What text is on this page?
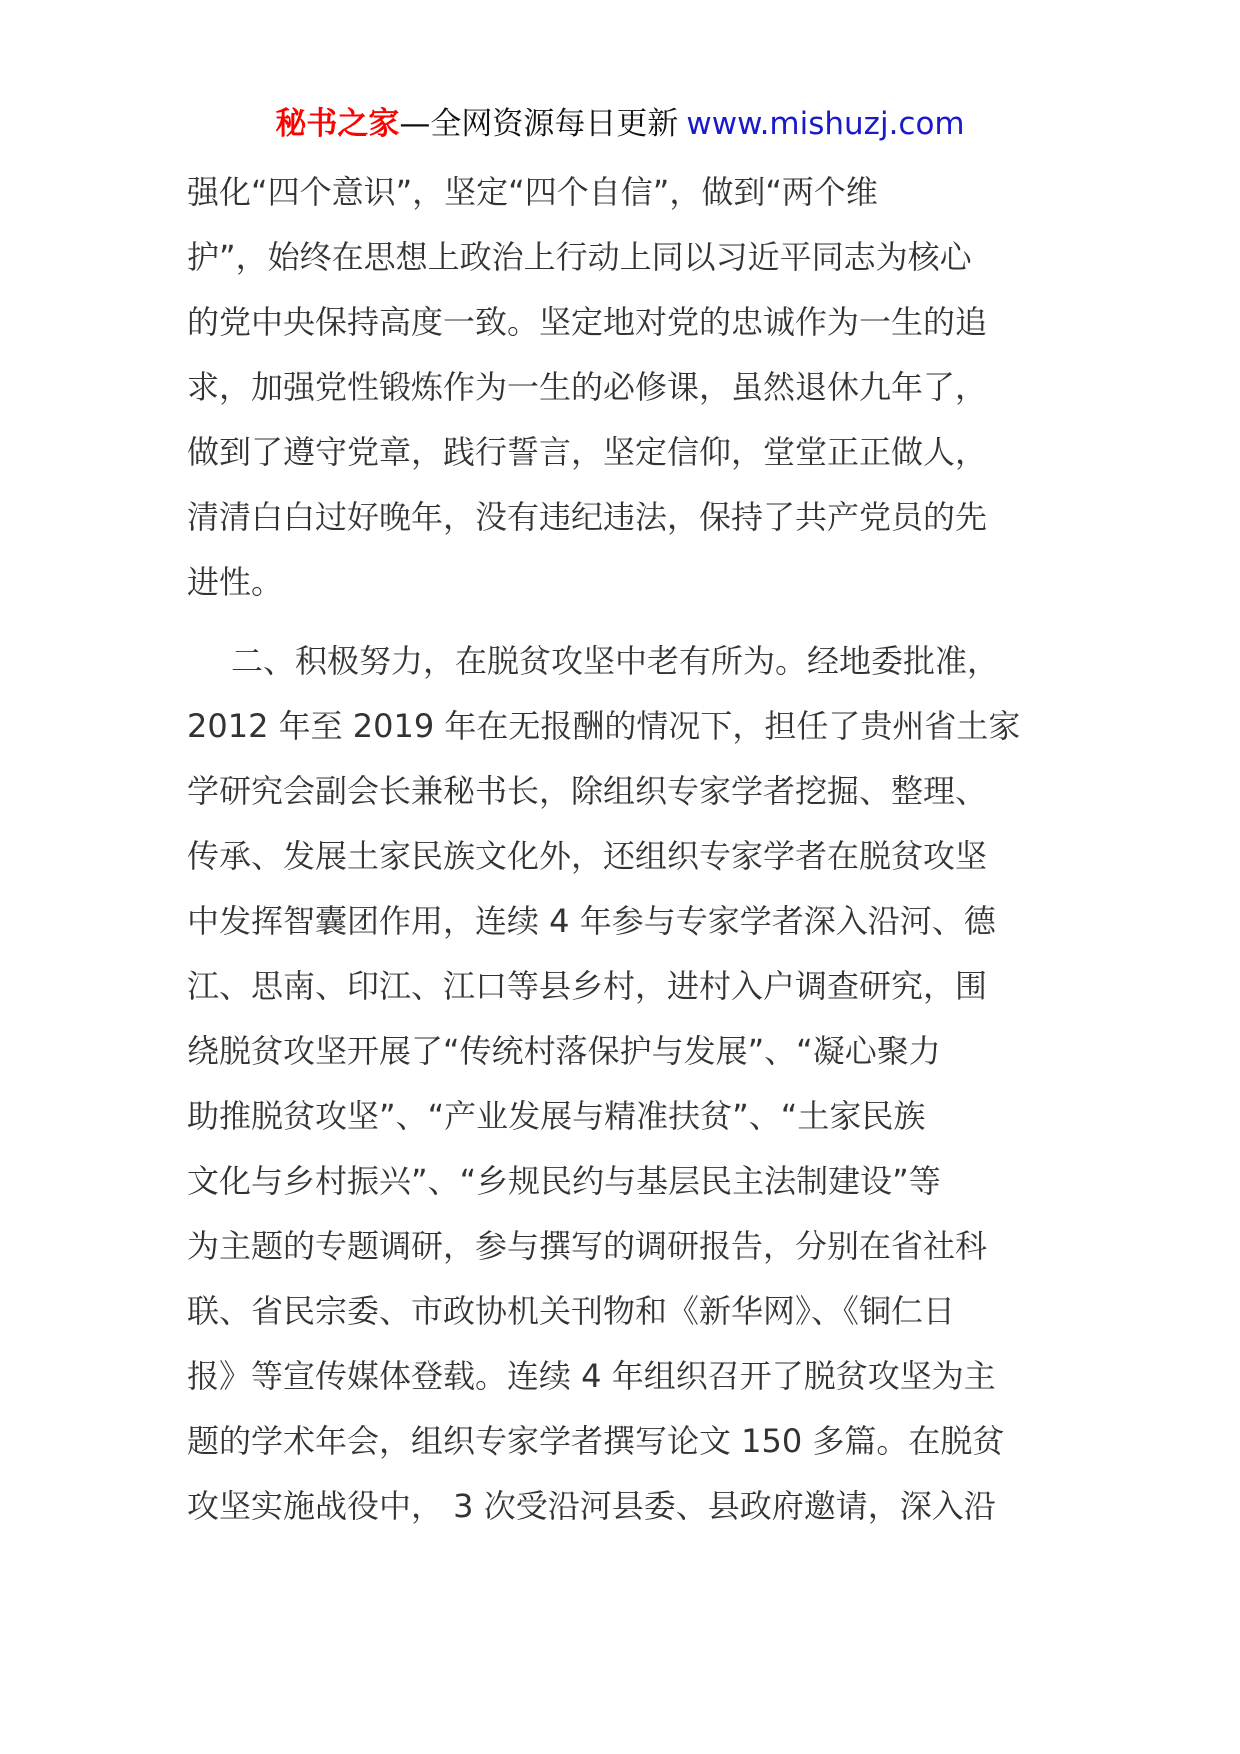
秘书之家—全网资源每日更新 www.mishuzj.com
强化“四个意识”，坚定“四个自信”，做到“两个维
护”，始终在思想上政治上行动上同以习近平同志为核心
的党中央保持高度一致。坚定地对党的忠诚作为一生的追
求，加强党性锻炼作为一生的必修课，虽然退休九年了，
做到了遵守党章，践行誓言，坚定信仰，堂堂正正做人，
清清白白过好晚年，没有违纪违法，保持了共产党员的先
进性。
二、积极努力，在脱贫攻坚中老有所为。经地委批准，
2012 年至 2019 年在无报酬的情况下，担任了贵州省土家
学研究会副会长兼秘书长，除组织专家学者挖掘、整理、
传承、发展土家民族文化外，还组织专家学者在脱贫攻坚
中发挥智囊团作用，连续 4 年参与专家学者深入沿河、德
江、思南、印江、江口等县乡村，进村入户调查研究，围
绕脱贫攻坚开展了“传统村落保护与发展”、“凝心聚力
助推脱贫攻坚”、“产业发展与精准扶贫”、“土家民族
文化与乡村振兴”、“乡规民约与基层民主法制建设”等
为主题的专题调研，参与撰写的调研报告，分别在省社科
联、省民宗委、市政协机关刊物和《新华网》、《铜仁日
报》等宣传媒体登载。连续 4 年组织召开了脱贫攻坚为主
题的学术年会，组织专家学者撰写论文 150 多篇。在脱贫
攻坚实施战役中， 3 次受沿河县委、县政府邀请，深入沿
